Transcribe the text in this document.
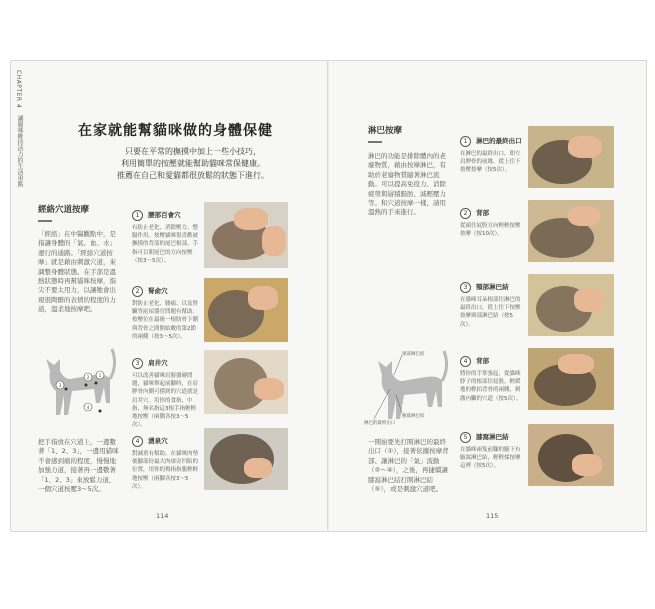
CHAPTER 4
讓貓咪維持活力的生活重點	在家就能幫貓咪做的身體保健
只要在平常的撫摸中加上一些小技巧，
利用簡單的按壓就能幫助貓咪常保健康。
推薦在自己和愛貓都很放鬆的狀態下進行。
經絡穴道按摩
「經絡」在中醫觀點中，是指讓身體的「氣、血、水」運行的通路。「經絡穴道按摩」就是藉由刺激穴道，來調整身體狀態。在手部是溫熱狀態時再幫貓咪按摩，指尖不要太用力，以讓牠會出現很陶醉的表情的程度的力道，溫柔地按摩吧。
1
2
3
4
把手指放在穴道上，一邊數著「1、2、3」，一邊用貓咪不會感到痛的程度，慢慢地加強力道，接著再一邊數著「1、2、3」來放鬆力道，一個穴道按壓3～5次。
1 腰部百會穴
有防止老化、消除壓力、整腸作用。按壓貓咪很喜歡被撫摸的背部的尾巴根部，手指可以朝尾巴的方向按壓（按3～5次）。
2 腎俞穴
對防止老化、腰痛、以及腎臟等泌尿器官問題有幫助。按壓位在最後一根肋骨下側與背骨之間開始數的第2節的兩側（按3～5次）。
3 肩井穴
可以改善貓咪肩膀僵硬問題，貓咪舉起前腳時，在肩胛骨內側可摸到的穴道就是肩井穴。用你的食指、中指、無名指這3根手指輕輕地按壓（兩側各按3～5次）。
4 湧泉穴
對減重有幫助。在貓咪肉墊後腳部份最大肉球旁凹陷的位置，用你的拇指指腹輕輕地按壓（兩腳各按3～5次）。
114
淋巴按摩
淋巴的功能是排除體內的老廢物質，藉由按摩淋巴，有助於老廢物質隨著淋巴流動。可以提高免疫力、消除疲勞與層積脂肪、減輕壓力等。和穴道按摩一樣，請用溫熱的手來進行。
頸部淋巴結
腋窩淋巴結
淋巴的最終出口
一開始要先打開淋巴的最終出口（①），接著依據按摩背部、讓淋巴的「氣」流動（②～④），之後，再捷續讓膝窩淋巴結打開淋巴結（⑤），或是刺激穴道吧。
1 淋巴的最終出口
在淋巴的最終出口，即左肩胛骨的前緣，從上往下按壓按摩（按5次）。
2 背部
從頭往屁股方向輕輕按壓按摩（按10次）。
3 頸部淋巴結
在貓咪耳朵根部往淋巴的最終出口，從上往下按壓按摩頸部淋巴結（按5次）。
4 背部
將你的手掌張起，從貓咪脖子的根部往屁股，輕緩地的輕拍背骨的兩側，刺激內臟的穴道（按5次）。
5 膝窩淋巴結
在貓咪兩隻前腳的腋下有腋窩淋巴結，輕輕揉按摩這裡（按5次）。
115
